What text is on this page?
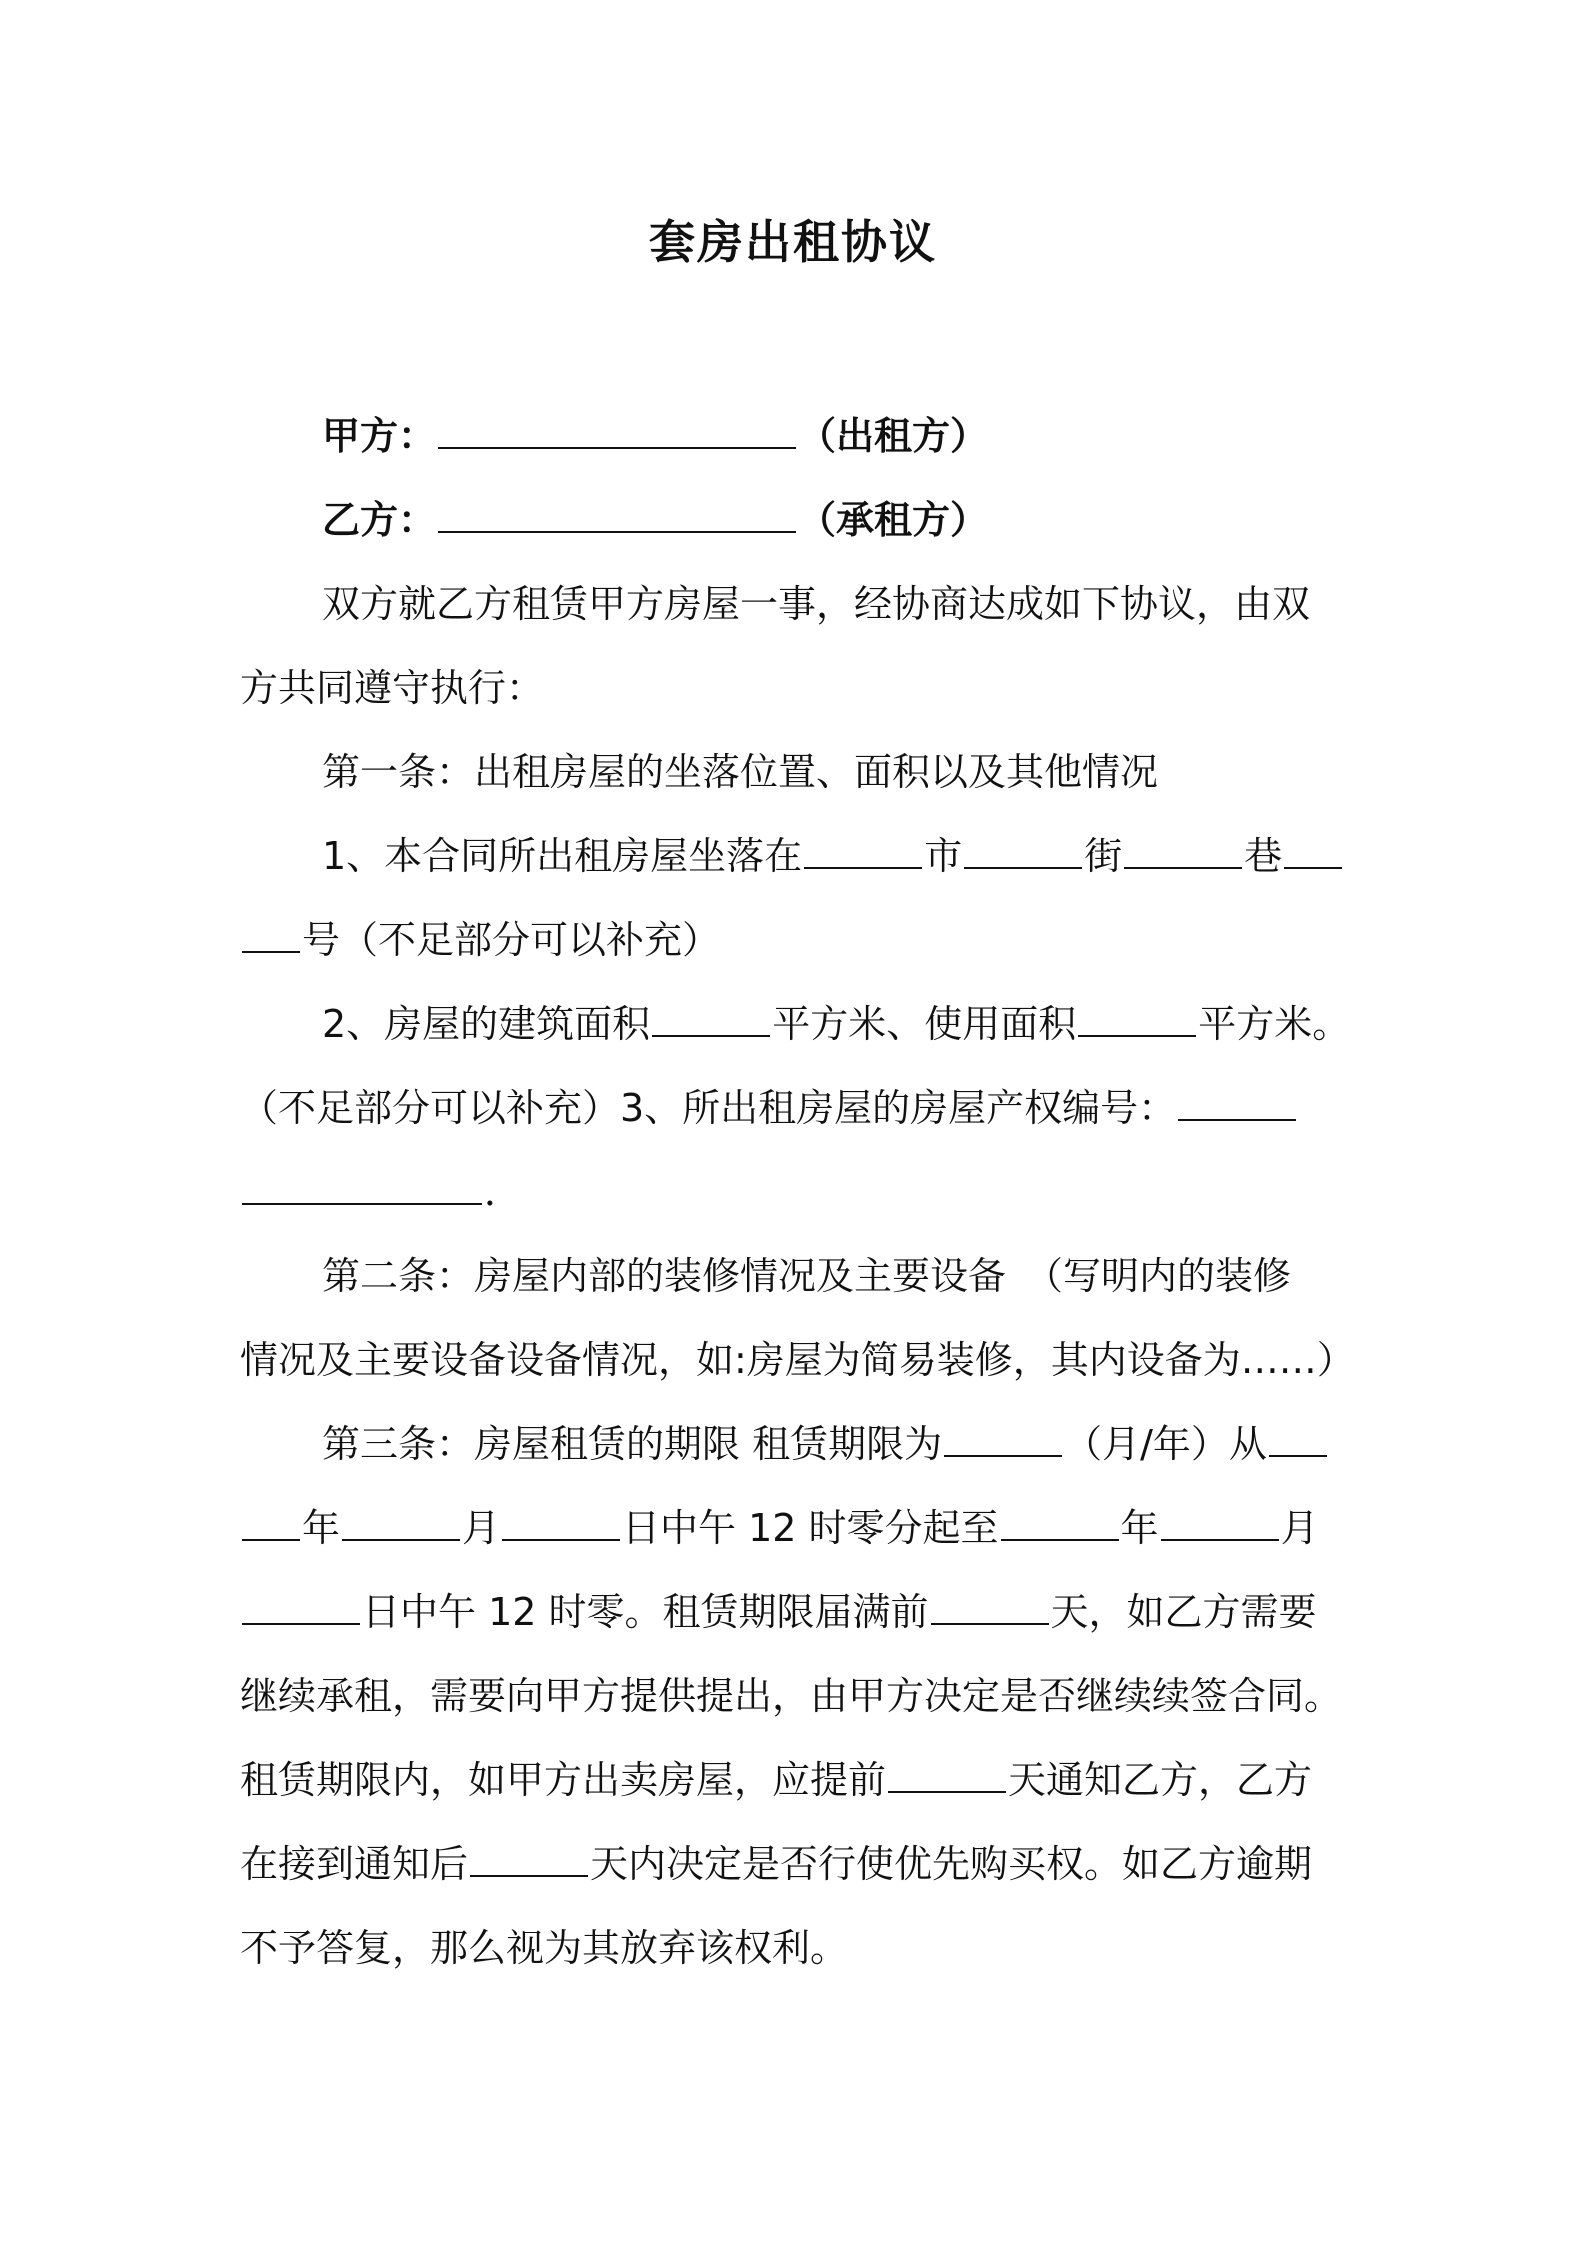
套房出租协议
甲方：	（出租方）
乙方：	（承租方）
双方就乙方租赁甲方房屋一事，经协商达成如下协议，由双
方共同遵守执行：
第一条：出租房屋的坐落位置、面积以及其他情况
1、本合同所出租房屋坐落在	市	街	巷
号（不足部分可以补充）
2、房屋的建筑面积	平方米、使用面积	平方米。
（不足部分可以补充）3、所出租房屋的房屋产权编号：
．
第二条：房屋内部的装修情况及主要设备　（写明内的装修
情况及主要设备设备情况，如:房屋为简易装修，其内设备为……）
第三条：房屋租赁的期限 租赁期限为	（月/年）从
年	月	日中午 12 时零分起至	年	月
日中午 12 时零。租赁期限届满前	天，如乙方需要
继续承租，需要向甲方提供提出，由甲方决定是否继续续签合同。
租赁期限内，如甲方出卖房屋，应提前	天通知乙方，乙方
在接到通知后	天内决定是否行使优先购买权。如乙方逾期
不予答复，那么视为其放弃该权利。
